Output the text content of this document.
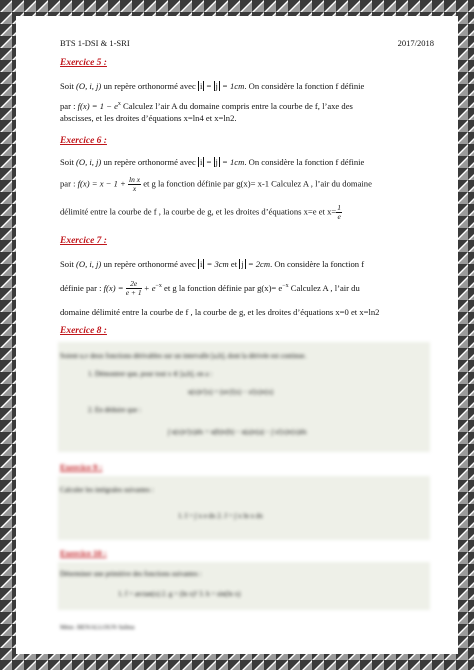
BTS 1-DSI & 1-SRI	2017/2018
Exercice 5 :
Soit (O, i, j) un repère orthonormé avec i = j = 1cm. On considère la fonction f définie
par : $f(x) = 1 - e^x$ Calculez l’air A du domaine compris entre la courbe de f, l’axe des
abscisses, et les droites d’équations x=ln4 et x=ln2.
Exercice 6 :
Soit (O, i, j) un repère orthonormé avec i = j = 1cm. On considère la fonction f définie
par : $f(x) = x - 1 + \frac{\text{ln x}}{x}$ et g la fonction définie par g(x)= x-1 Calculez A , l’air du domaine
délimité entre la courbe de f , la courbe de g, et les droites d’équations x=e et $x= \frac{1}{e}$
Exercice 7 :
Soit (O, i, j) un repère orthonormé avec i = 3cm et j = 2cm. On considère la fonction f
définie par : $f(x) = \frac{2e}{e + 1} + e^{-x}$ et g la fonction définie par $g(x)= e^{-x}$ Calculez A , l’air du
domaine délimité entre la courbe de f , la courbe de g, et les droites d’équations x=0 et x=ln2
Exercice 8 :
Soient u,v deux fonctions dérivables sur un intervalle [a,b], dont la dérivée est continue.
1. Démontrer que, pour tout x ∈ [a,b], on a :
u(x)v'(x) = (uv)'(x) − u'(x)v(x)
2. En déduire que :
∫ u(x)v'(x)dx = u(b)v(b) − u(a)v(a) − ∫ u'(x)v(x)dx
Exercice 9 :
Calculer les intégrales suivantes :
1. I = ∫ x e dx 2. J = ∫ x ln x dx
Exercice 10 :
Déterminer une primitive des fonctions suivantes :
1. f = arctan(x) 2. g = (ln x)² 3. h = sin(ln x)
Mme. BENALLOUN Salma
